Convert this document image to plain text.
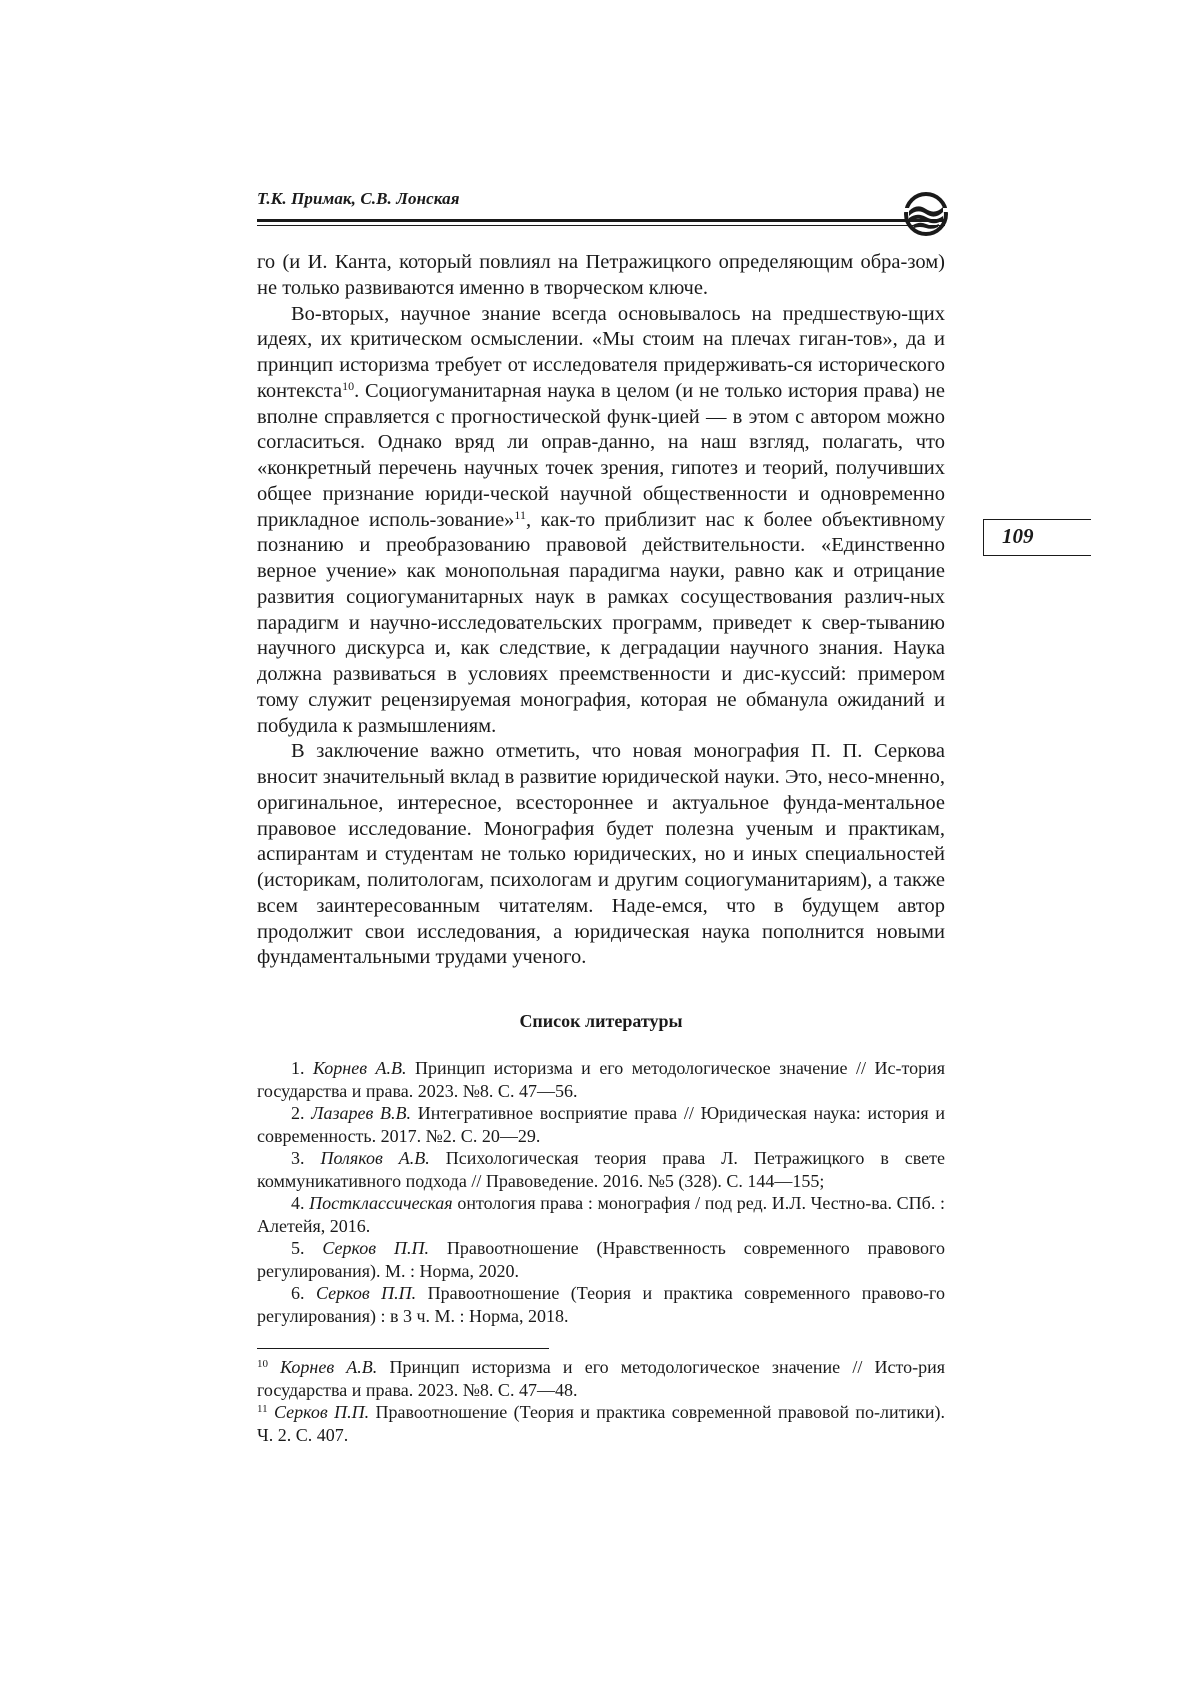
Т.К. Примак, С.В. Лонская
109

го (и И. Канта, который повлиял на Петражицкого определяющим обра-зом) не только развиваются именно в творческом ключе.

Во-вторых, научное знание всегда основывалось на предшествую-щих идеях, их критическом осмыслении. «Мы стоим на плечах гиган-тов», да и принцип историзма требует от исследователя придерживать-ся исторического контекста$^{10}$. Социогуманитарная наука в целом (и не только история права) не вполне справляется с прогностической функ-цией — в этом с автором можно согласиться. Однако вряд ли оправ-данно, на наш взгляд, полагать, что «конкретный перечень научных точек зрения, гипотез и теорий, получивших общее признание юриди-ческой научной общественности и одновременно прикладное исполь-зование»$^{11}$, как-то приблизит нас к более объективному познанию и преобразованию правовой действительности. «Единственно верное учение» как монопольная парадигма науки, равно как и отрицание развития социогуманитарных наук в рамках сосуществования различ-ных парадигм и научно-исследовательских программ, приведет к свер-тыванию научного дискурса и, как следствие, к деградации научного знания. Наука должна развиваться в условиях преемственности и дис-куссий: примером тому служит рецензируемая монография, которая не обманула ожиданий и побудила к размышлениям.

В заключение важно отметить, что новая монография П. П. Серкова вносит значительный вклад в развитие юридической науки. Это, несо-мненно, оригинальное, интересное, всестороннее и актуальное фунда-ментальное правовое исследование. Монография будет полезна ученым и практикам, аспирантам и студентам не только юридических, но и иных специальностей (историкам, политологам, психологам и другим социогуманитариям), а также всем заинтересованным читателям. Наде-емся, что в будущем автор продолжит свои исследования, а юридическая наука пополнится новыми фундаментальными трудами ученого.

Список литературы

1. Корнев А.В. Принцип историзма и его методологическое значение // Ис-тория государства и права. 2023. №8. С. 47—56.

2. Лазарев В.В. Интегративное восприятие права // Юридическая наука: история и современность. 2017. №2. С. 20—29.

3. Поляков А.В. Психологическая теория права Л. Петражицкого в свете коммуникативного подхода // Правоведение. 2016. №5 (328). С. 144—155;

4. Постклассическая онтология права : монография / под ред. И.Л. Честно-ва. СПб. : Алетейя, 2016.

5. Серков П.П. Правоотношение (Нравственность современного правового регулирования). М. : Норма, 2020.

6. Серков П.П. Правоотношение (Теория и практика современного правово-го регулирования) : в 3 ч. М. : Норма, 2018.

$^{10}$ Корнев А.В. Принцип историзма и его методологическое значение // Исто-рия государства и права. 2023. №8. С. 47—48.

$^{11}$ Серков П.П. Правоотношение (Теория и практика современной правовой по-литики). Ч. 2. С. 407.
